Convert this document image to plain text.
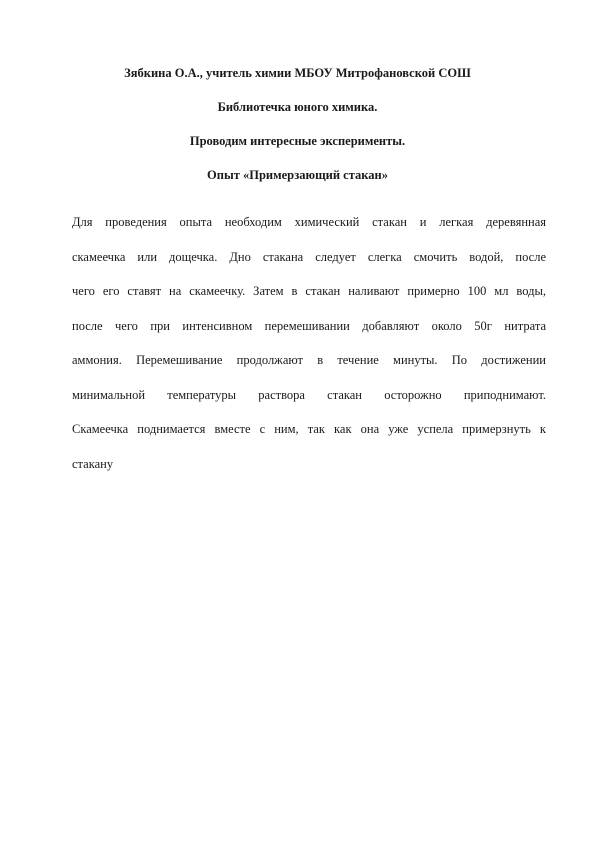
Зябкина О.А., учитель химии МБОУ Митрофановской СОШ
Библиотечка юного химика.
Проводим интересные эксперименты.
Опыт «Примерзающий стакан»
Для проведения опыта необходим химический стакан и легкая деревянная
скамеечка или дощечка. Дно стакана следует слегка смочить водой, после
чего его ставят на скамеечку. Затем в стакан наливают примерно 100 мл воды,
после чего при интенсивном перемешивании добавляют около 50г нитрата
аммония. Перемешивание продолжают в течение минуты. По достижении
минимальной температуры раствора стакан осторожно приподнимают.
Скамеечка поднимается вместе с ним, так как она уже успела примерзнуть к
стакану
